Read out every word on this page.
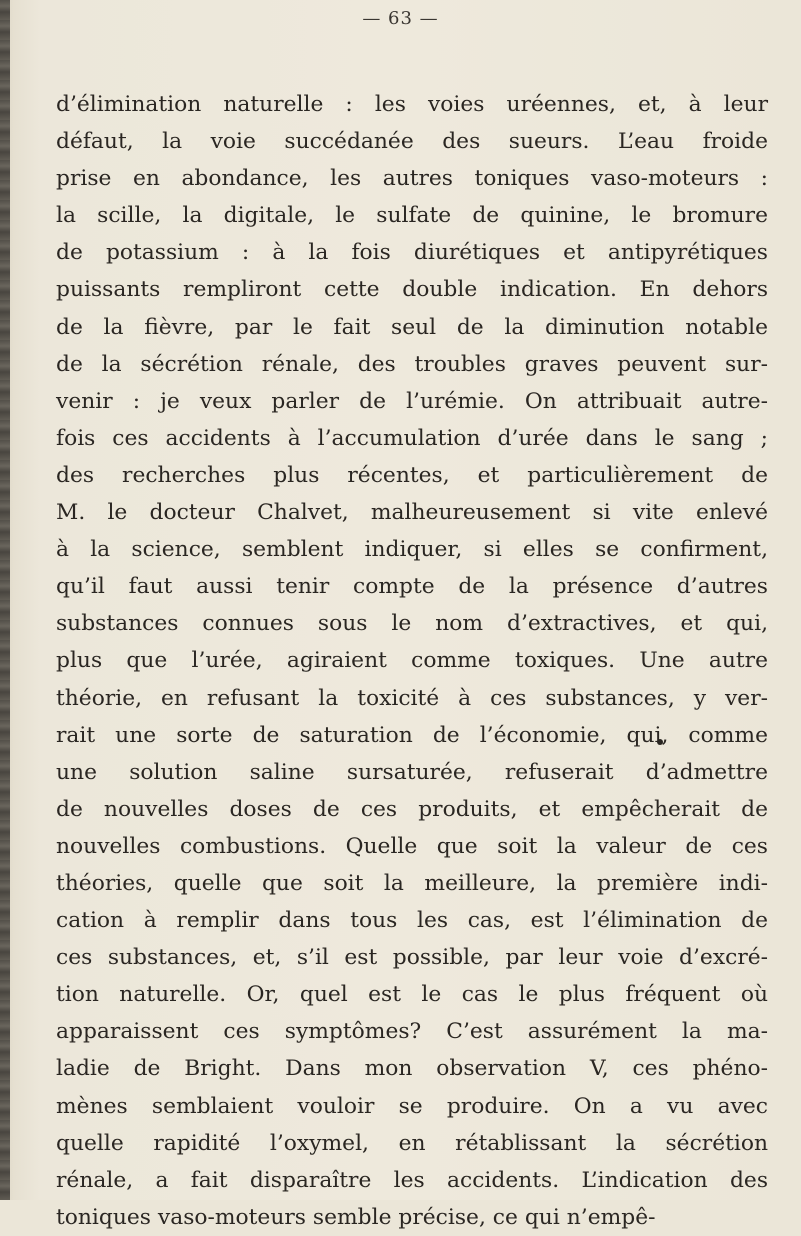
— 63 —
d’élimination naturelle : les voies uréennes, et, à leur
défaut, la voie succédanée des sueurs. L’eau froide
prise en abondance, les autres toniques vaso-moteurs :
la scille, la digitale, le sulfate de quinine, le bromure
de potassium : à la fois diurétiques et antipyrétiques
puissants rempliront cette double indication. En dehors
de la fièvre, par le fait seul de la diminution notable
de la sécrétion rénale, des troubles graves peuvent sur-
venir : je veux parler de l’urémie. On attribuait autre-
fois ces accidents à l’accumulation d’urée dans le sang ;
des recherches plus récentes, et particulièrement de
M. le docteur Chalvet, malheureusement si vite enlevé
à la science, semblent indiquer, si elles se confirment,
qu’il faut aussi tenir compte de la présence d’autres
substances connues sous le nom d’extractives, et qui,
plus que l’urée, agiraient comme toxiques. Une autre
théorie, en refusant la toxicité à ces substances, y ver-
rait une sorte de saturation de l’économie, qui, comme
une solution saline sursaturée, refuserait d’admettre
de nouvelles doses de ces produits, et empêcherait de
nouvelles combustions. Quelle que soit la valeur de ces
théories, quelle que soit la meilleure, la première indi-
cation à remplir dans tous les cas, est l’élimination de
ces substances, et, s’il est possible, par leur voie d’excré-
tion naturelle. Or, quel est le cas le plus fréquent où
apparaissent ces symptômes? C’est assurément la ma-
ladie de Bright. Dans mon observation V, ces phéno-
mènes semblaient vouloir se produire. On a vu avec
quelle rapidité l’oxymel, en rétablissant la sécrétion
rénale, a fait disparaître les accidents. L’indication des
toniques vaso-moteurs semble précise, ce qui n’empê-
